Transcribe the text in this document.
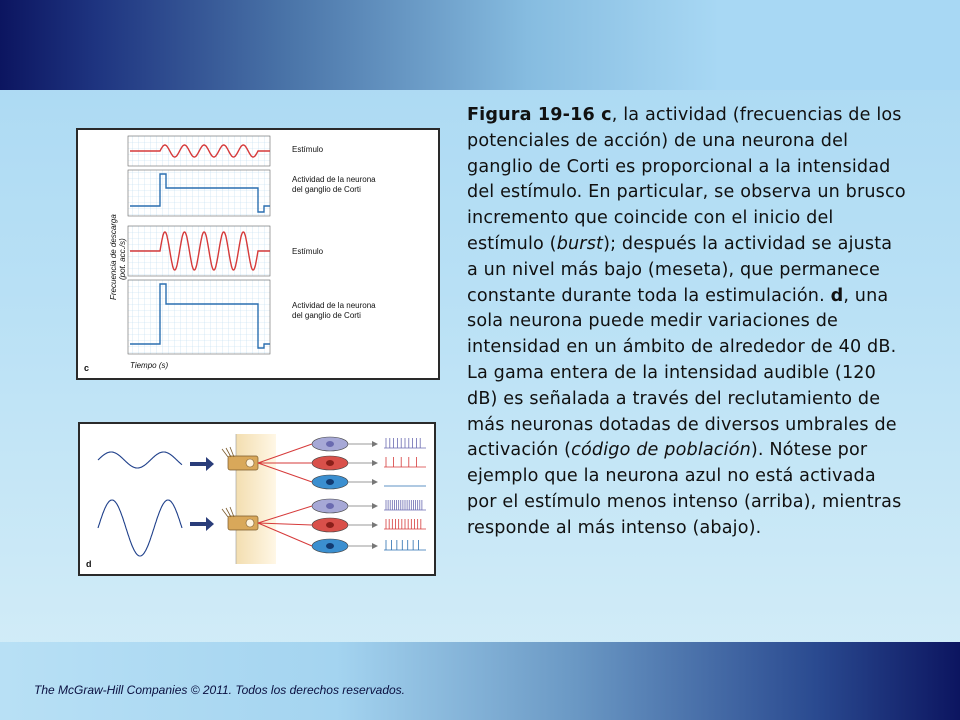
Estímulo
Actividad de la neurona
del ganglio de Corti
Estímulo
Actividad de la neurona
del ganglio de Corti
Frecuencia de descarga (pot. acc./s)
Tiempo (s)
c
d
Figura 19-16 c, la actividad (frecuencias de los potenciales de acción) de una neurona del ganglio de Corti es proporcional a la intensidad del estímulo. En particular, se observa un brusco incremento que coincide con el inicio del estímulo (burst); después la actividad se ajusta a un nivel más bajo (meseta), que permanece constante durante toda la estimulación. d, una sola neurona puede medir variaciones de intensidad en un ámbito de alrededor de 40 dB. La gama entera de la intensidad audible (120 dB) es señalada a través del reclutamiento de más neuronas dotadas de diversos umbrales de activación (código de población). Nótese por ejemplo que la neurona azul no está activada por el estímulo menos intenso (arriba), mientras responde al más intenso (abajo).
The McGraw-Hill Companies © 2011. Todos los derechos reservados.
